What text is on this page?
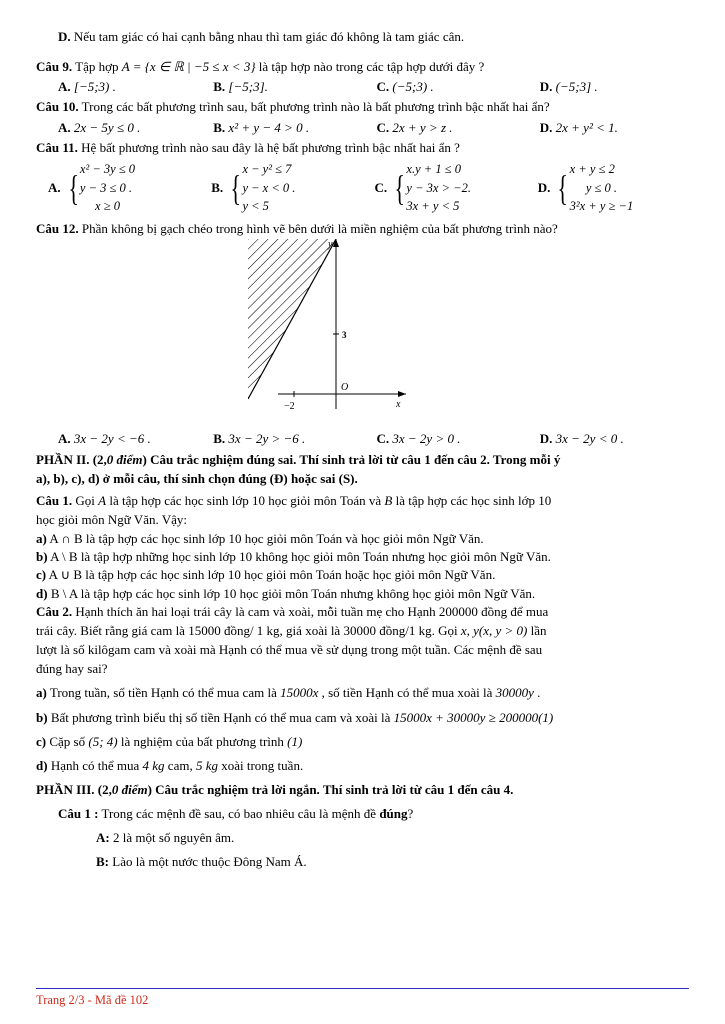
D. Nếu tam giác có hai cạnh bằng nhau thì tam giác đó không là tam giác cân.
Câu 9. Tập hợp A = {x ∈ ℝ | −5 ≤ x < 3} là tập hợp nào trong các tập hợp dưới đây ?
A. [−5;3) .	B. [−5;3].	C. (−5;3) .	D. (−5;3] .
Câu 10. Trong các bất phương trình sau, bất phương trình nào là bất phương trình bậc nhất hai ẩn?
A. 2x − 5y ≤ 0 .	B. x² + y − 4 > 0 .	C. 2x + y > z .	D. 2x + y² < 1.
Câu 11. Hệ bất phương trình nào sau đây là hệ bất phương trình bậc nhất hai ẩn ?
A. { x² − 3y ≤ 0
y − 3 ≤ 0 .
x ≥ 0
B. { x − y² ≤ 7
y − x < 0 .
y < 5
C. { x.y + 1 ≤ 0
y − 3x > −2.
3x + y < 5
D. { x + y ≤ 2
y ≤ 0 .
3²x + y ≥ −1
Câu 12. Phần không bị gạch chéo trong hình vẽ bên dưới là miền nghiệm của bất phương trình nào?
3
−2
O
y
x
A. 3x − 2y < −6 .	B. 3x − 2y > −6 .	C. 3x − 2y > 0 .	D. 3x − 2y < 0 .
PHẦN II. (2,0 điểm) Câu trắc nghiệm đúng sai. Thí sinh trả lời từ câu 1 đến câu 2. Trong mỗi ý
a), b), c), d) ở mỗi câu, thí sinh chọn đúng (Đ) hoặc sai (S).
Câu 1. Gọi A là tập hợp các học sinh lớp 10 học giỏi môn Toán và B là tập hợp các học sinh lớp 10
học giỏi môn Ngữ Văn. Vậy:
a) A ∩ B là tập hợp các học sinh lớp 10 học giỏi môn Toán và học giỏi môn Ngữ Văn.
b) A \ B là tập hợp những học sinh lớp 10 không học giỏi môn Toán nhưng học giỏi môn Ngữ Văn.
c) A ∪ B là tập hợp các học sinh lớp 10 học giỏi môn Toán hoặc học giỏi môn Ngữ Văn.
d) B \ A là tập hợp các học sinh lớp 10 học giỏi môn Toán nhưng không học giỏi môn Ngữ Văn.
Câu 2. Hạnh thích ăn hai loại trái cây là cam và xoài, mỗi tuần mẹ cho Hạnh 200000 đồng để mua
trái cây. Biết rằng giá cam là 15000 đồng/ 1 kg, giá xoài là 30000 đồng/1 kg. Gọi x, y(x, y > 0) lần
lượt là số kilôgam cam và xoài mà Hạnh có thể mua về sử dụng trong một tuần. Các mệnh đề sau
đúng hay sai?
a) Trong tuần, số tiền Hạnh có thể mua cam là 15000x , số tiền Hạnh có thể mua xoài là 30000y .
b) Bất phương trình biểu thị số tiền Hạnh có thể mua cam và xoài là 15000x + 30000y ≥ 200000(1)
c) Cặp số (5; 4) là nghiệm của bất phương trình (1)
d) Hạnh có thể mua 4 kg cam, 5 kg xoài trong tuần.
PHẦN III. (2,0 điểm) Câu trắc nghiệm trả lời ngắn. Thí sinh trả lời từ câu 1 đến câu 4.
Câu 1 : Trong các mệnh đề sau, có bao nhiêu câu là mệnh đề đúng?
A: 2 là một số nguyên âm.
B: Lào là một nước thuộc Đông Nam Á.
Trang 2/3 - Mã đề 102
